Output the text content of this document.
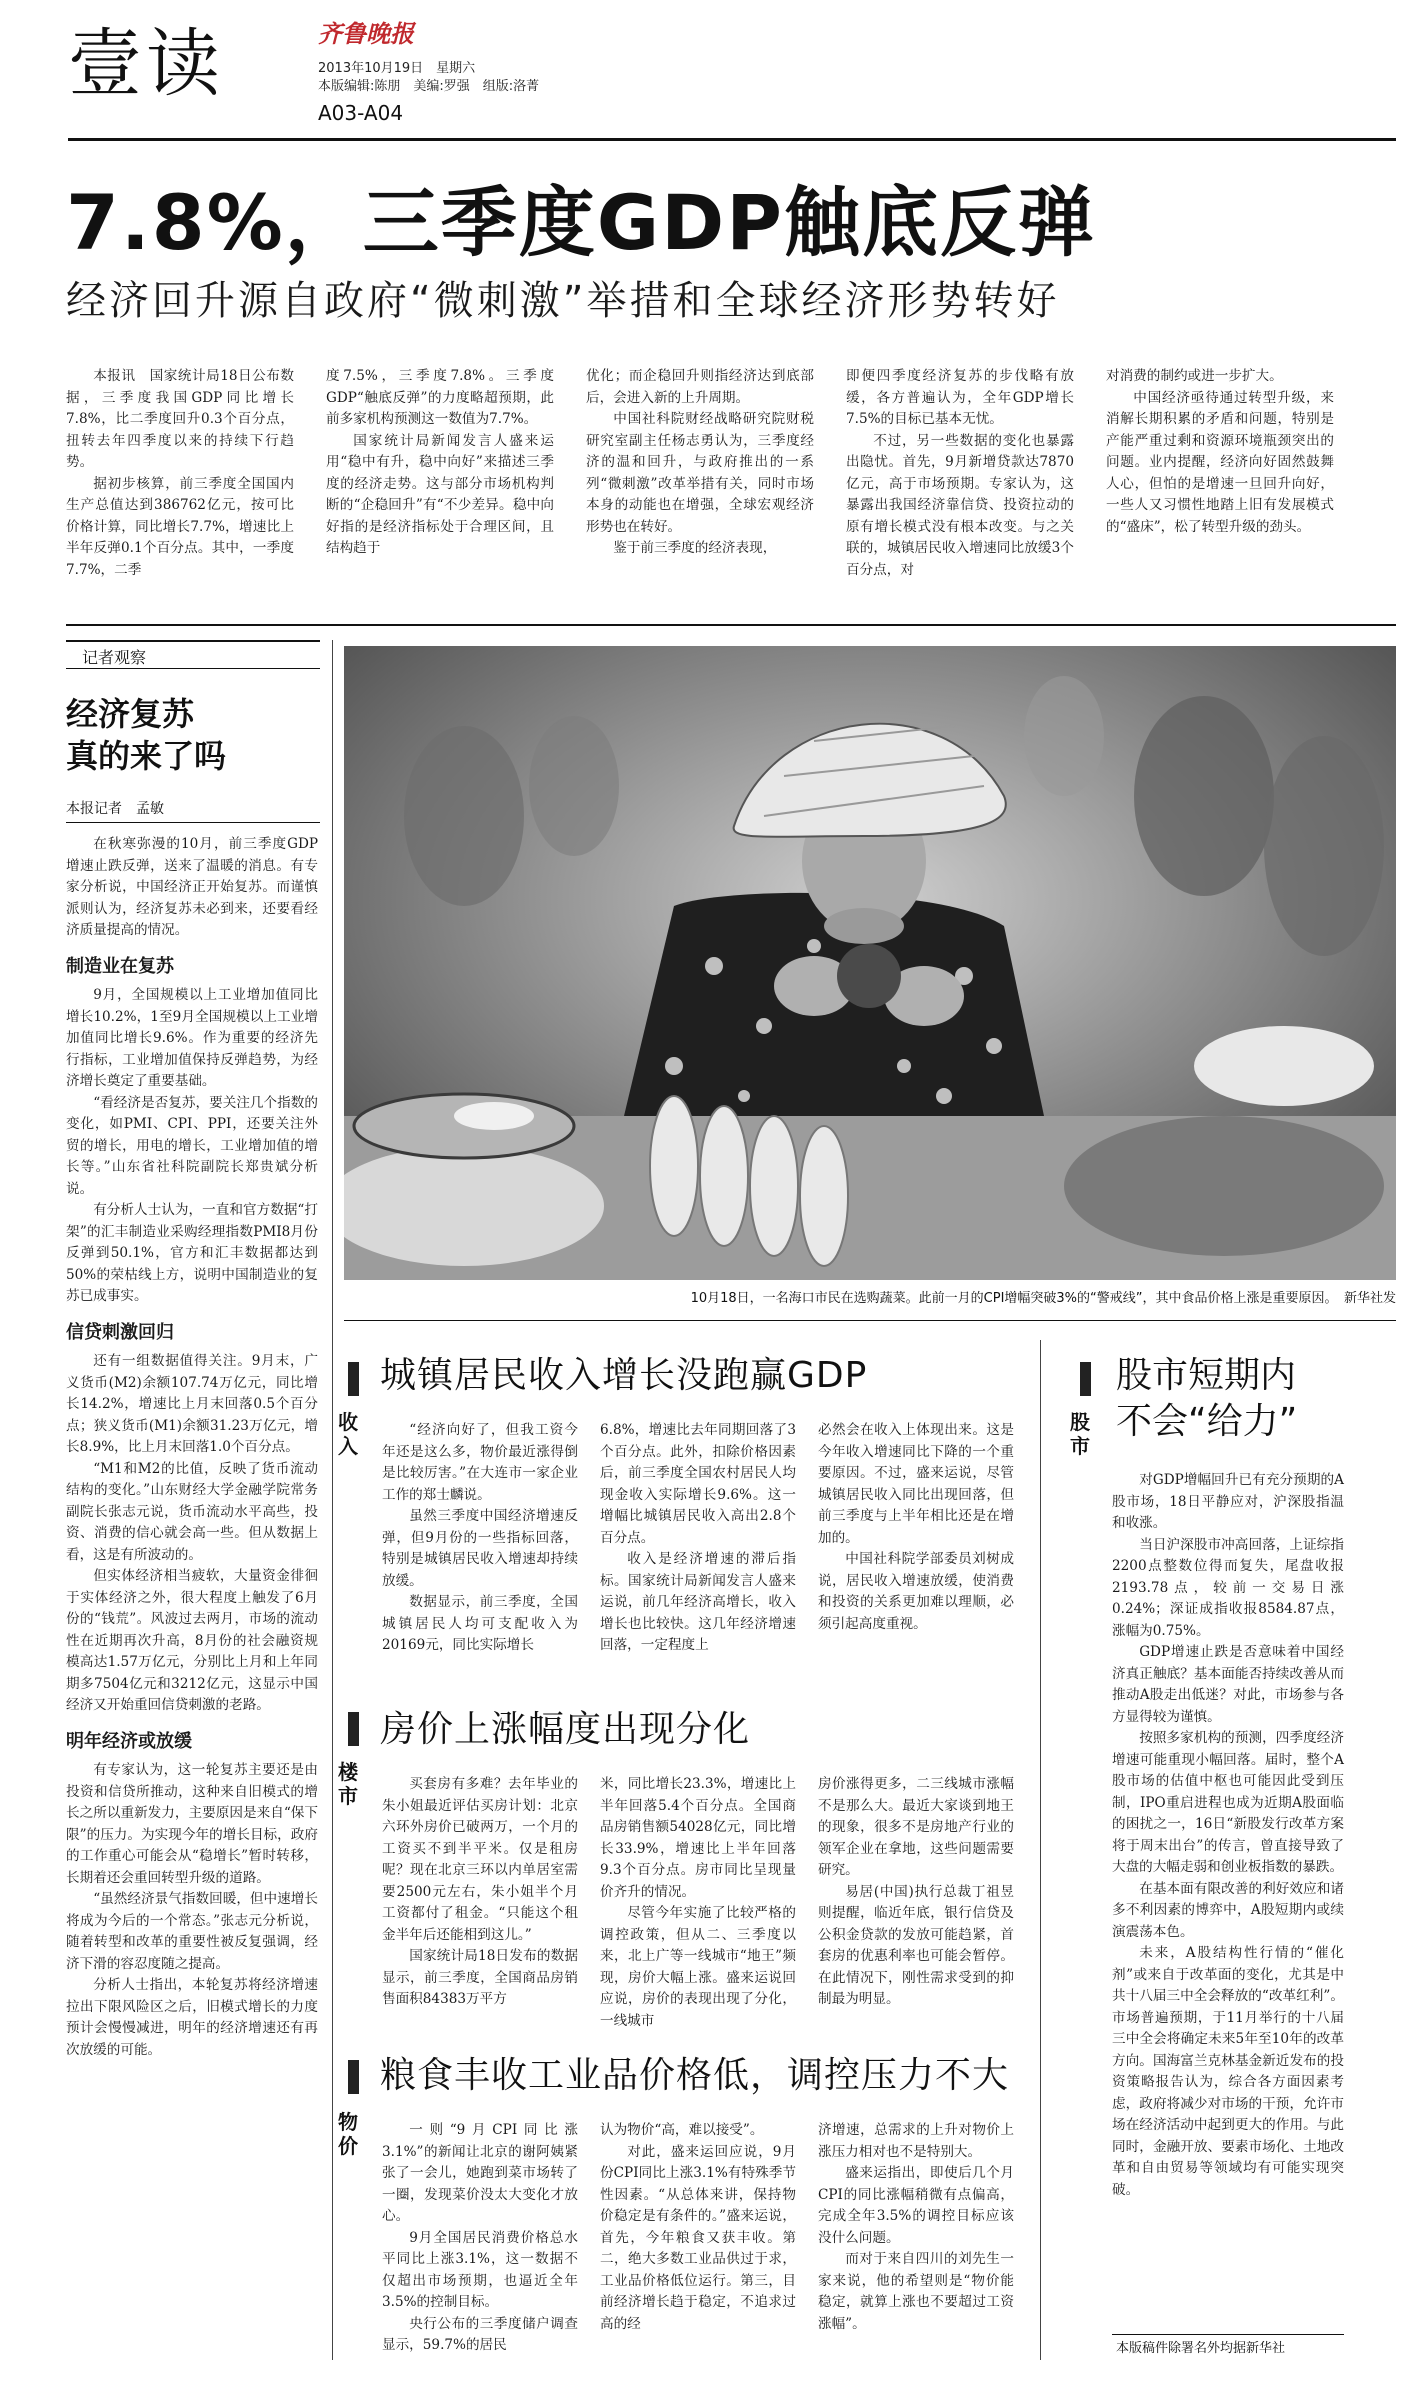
壹读	齐鲁晚报
2013年10月19日　星期六
本版编辑:陈朋　美编:罗强　组版:洛菁
A03-A04
7.8%，三季度GDP触底反弹
经济回升源自政府“微刺激”举措和全球经济形势转好

本报讯　国家统计局18日公布数据，三季度我国GDP同比增长7.8%，比二季度回升0.3个百分点，扭转去年四季度以来的持续下行趋势。

据初步核算，前三季度全国国内生产总值达到386762亿元，按可比价格计算，同比增长7.7%，增速比上半年反弹0.1个百分点。其中，一季度7.7%，二季

度7.5%，三季度7.8%。三季度GDP“触底反弹”的力度略超预期，此前多家机构预测这一数值为7.7%。

国家统计局新闻发言人盛来运用“稳中有升，稳中向好”来描述三季度的经济走势。这与部分市场机构判断的“企稳回升”有“不少差异。稳中向好指的是经济指标处于合理区间，且结构趋于

优化；而企稳回升则指经济达到底部后，会进入新的上升周期。

中国社科院财经战略研究院财税研究室副主任杨志勇认为，三季度经济的温和回升，与政府推出的一系列“微刺激”改革举措有关，同时市场本身的动能也在增强，全球宏观经济形势也在转好。

鉴于前三季度的经济表现，

即便四季度经济复苏的步伐略有放缓，各方普遍认为，全年GDP增长7.5%的目标已基本无忧。

不过，另一些数据的变化也暴露出隐忧。首先，9月新增贷款达7870亿元，高于市场预期。专家认为，这暴露出我国经济靠信贷、投资拉动的原有增长模式没有根本改变。与之关联的，城镇居民收入增速同比放缓3个百分点，对

对消费的制约或进一步扩大。

中国经济亟待通过转型升级，来消解长期积累的矛盾和问题，特别是产能严重过剩和资源环境瓶颈突出的问题。业内提醒，经济向好固然鼓舞人心，但怕的是增速一旦回升向好，一些人又习惯性地踏上旧有发展模式的“盛床”，松了转型升级的劲头。

记者观察
经济复苏
真的来了吗
本报记者　孟敏

在秋寒弥漫的10月，前三季度GDP增速止跌反弹，送来了温暖的消息。有专家分析说，中国经济正开始复苏。而谨慎派则认为，经济复苏未必到来，还要看经济质量提高的情况。

制造业在复苏

9月，全国规模以上工业增加值同比增长10.2%，1至9月全国规模以上工业增加值同比增长9.6%。作为重要的经济先行指标，工业增加值保持反弹趋势，为经济增长奠定了重要基础。

“看经济是否复苏，要关注几个指数的变化，如PMI、CPI、PPI，还要关注外贸的增长，用电的增长，工业增加值的增长等。”山东省社科院副院长郑贵斌分析说。

有分析人士认为，一直和官方数据“打架”的汇丰制造业采购经理指数PMI8月份反弹到50.1%，官方和汇丰数据都达到50%的荣枯线上方，说明中国制造业的复苏已成事实。

信贷刺激回归

还有一组数据值得关注。9月末，广义货币(M2)余额107.74万亿元，同比增长14.2%，增速比上月末回落0.5个百分点；狭义货币(M1)余额31.23万亿元，增长8.9%，比上月末回落1.0个百分点。

“M1和M2的比值，反映了货币流动结构的变化。”山东财经大学金融学院常务副院长张志元说，货币流动水平高些，投资、消费的信心就会高一些。但从数据上看，这是有所波动的。

但实体经济相当疲软，大量资金徘徊于实体经济之外，很大程度上触发了6月份的“钱荒”。风波过去两月，市场的流动性在近期再次升高，8月份的社会融资规模高达1.57万亿元，分别比上月和上年同期多7504亿元和3212亿元，这显示中国经济又开始重回信贷刺激的老路。

明年经济或放缓

有专家认为，这一轮复苏主要还是由投资和信贷所推动，这种来自旧模式的增长之所以重新发力，主要原因是来自“保下限”的压力。为实现今年的增长目标，政府的工作重心可能会从“稳增长”暂时转移，长期着还会重回转型升级的道路。

“虽然经济景气指数回暖，但中速增长将成为今后的一个常态。”张志元分析说，随着转型和改革的重要性被反复强调，经济下滑的容忍度随之提高。

分析人士指出，本轮复苏将经济增速拉出下限风险区之后，旧模式增长的力度预计会慢慢减进，明年的经济增速还有再次放缓的可能。

10月18日，一名海口市民在选购蔬菜。此前一月的CPI增幅突破3%的“警戒线”，其中食品价格上涨是重要原因。　新华社发
收入
城镇居民收入增长没跑赢GDP

“经济向好了，但我工资今年还是这么多，物价最近涨得倒是比较厉害。”在大连市一家企业工作的郑士麟说。

虽然三季度中国经济增速反弹，但9月份的一些指标回落，特别是城镇居民收入增速却持续放缓。

数据显示，前三季度，全国城镇居民人均可支配收入为20169元，同比实际增长

6.8%，增速比去年同期回落了3个百分点。此外，扣除价格因素后，前三季度全国农村居民人均现金收入实际增长9.6%。这一增幅比城镇居民收入高出2.8个百分点。

收入是经济增速的滞后指标。国家统计局新闻发言人盛来运说，前几年经济高增长，收入增长也比较快。这几年经济增速回落，一定程度上

必然会在收入上体现出来。这是今年收入增速同比下降的一个重要原因。不过，盛来运说，尽管城镇居民收入同比出现回落，但前三季度与上半年相比还是在增加的。

中国社科院学部委员刘树成说，居民收入增速放缓，使消费和投资的关系更加难以理顺，必须引起高度重视。

楼市
房价上涨幅度出现分化

买套房有多难？去年毕业的朱小姐最近评估买房计划：北京六环外房价已破两万，一个月的工资买不到半平米。仅是租房呢？现在北京三环以内单居室需要2500元左右，朱小姐半个月工资都付了租金。“只能这个租金半年后还能相到这儿。”

国家统计局18日发布的数据显示，前三季度，全国商品房销售面积84383万平方

米，同比增长23.3%，增速比上半年回落5.4个百分点。全国商品房销售额54028亿元，同比增长33.9%，增速比上半年回落9.3个百分点。房市同比呈现量价齐升的情况。

尽管今年实施了比较严格的调控政策，但从二、三季度以来，北上广等一线城市“地王”频现，房价大幅上涨。盛来运说回应说，房价的表现出现了分化，一线城市

房价涨得更多，二三线城市涨幅不是那么大。最近大家谈到地王的现象，很多不是房地产行业的领军企业在拿地，这些问题需要研究。

易居(中国)执行总裁丁祖昱则提醒，临近年底，银行信贷及公积金贷款的发放可能趋紧，首套房的优惠利率也可能会暂停。在此情况下，刚性需求受到的抑制最为明显。

物价
粮食丰收工业品价格低，调控压力不大

一则“9月CPI同比涨3.1%”的新闻让北京的谢阿姨紧张了一会儿，她跑到菜市场转了一圈，发现菜价没太大变化才放心。

9月全国居民消费价格总水平同比上涨3.1%，这一数据不仅超出市场预期，也逼近全年3.5%的控制目标。

央行公布的三季度储户调查显示，59.7%的居民

认为物价“高，难以接受”。

对此，盛来运回应说，9月份CPI同比上涨3.1%有特殊季节性因素。“从总体来讲，保持物价稳定是有条件的。”盛来运说，首先，今年粮食又获丰收。第二，绝大多数工业品供过于求，工业品价格低位运行。第三，目前经济增长趋于稳定，不追求过高的经

济增速，总需求的上升对物价上涨压力相对也不是特别大。

盛来运指出，即使后几个月CPI的同比涨幅稍微有点偏高，完成全年3.5%的调控目标应该没什么问题。

而对于来自四川的刘先生一家来说，他的希望则是“物价能稳定，就算上涨也不要超过工资涨幅”。

股市
股市短期内
不会“给力”

对GDP增幅回升已有充分预期的A股市场，18日平静应对，沪深股指温和收涨。

当日沪深股市冲高回落，上证综指2200点整数位得而复失，尾盘收报2193.78点，较前一交易日涨0.24%；深证成指收报8584.87点，涨幅为0.75%。

GDP增速止跌是否意味着中国经济真正触底？基本面能否持续改善从而推动A股走出低迷？对此，市场参与各方显得较为谨慎。

按照多家机构的预测，四季度经济增速可能重现小幅回落。届时，整个A股市场的估值中枢也可能因此受到压制，IPO重启进程也成为近期A股面临的困扰之一，16日“新股发行改革方案将于周末出台”的传言，曾直接导致了大盘的大幅走弱和创业板指数的暴跌。

在基本面有限改善的利好效应和诸多不利因素的博弈中，A股短期内或续演震荡本色。

未来，A股结构性行情的“催化剂”或来自于改革面的变化，尤其是中共十八届三中全会释放的“改革红利”。市场普遍预期，于11月举行的十八届三中全会将确定未来5年至10年的改革方向。国海富兰克林基金新近发布的投资策略报告认为，综合各方面因素考虑，政府将减少对市场的干预，允许市场在经济活动中起到更大的作用。与此同时，金融开放、要素市场化、土地改革和自由贸易等领域均有可能实现突破。

本版稿件除署名外均据新华社
